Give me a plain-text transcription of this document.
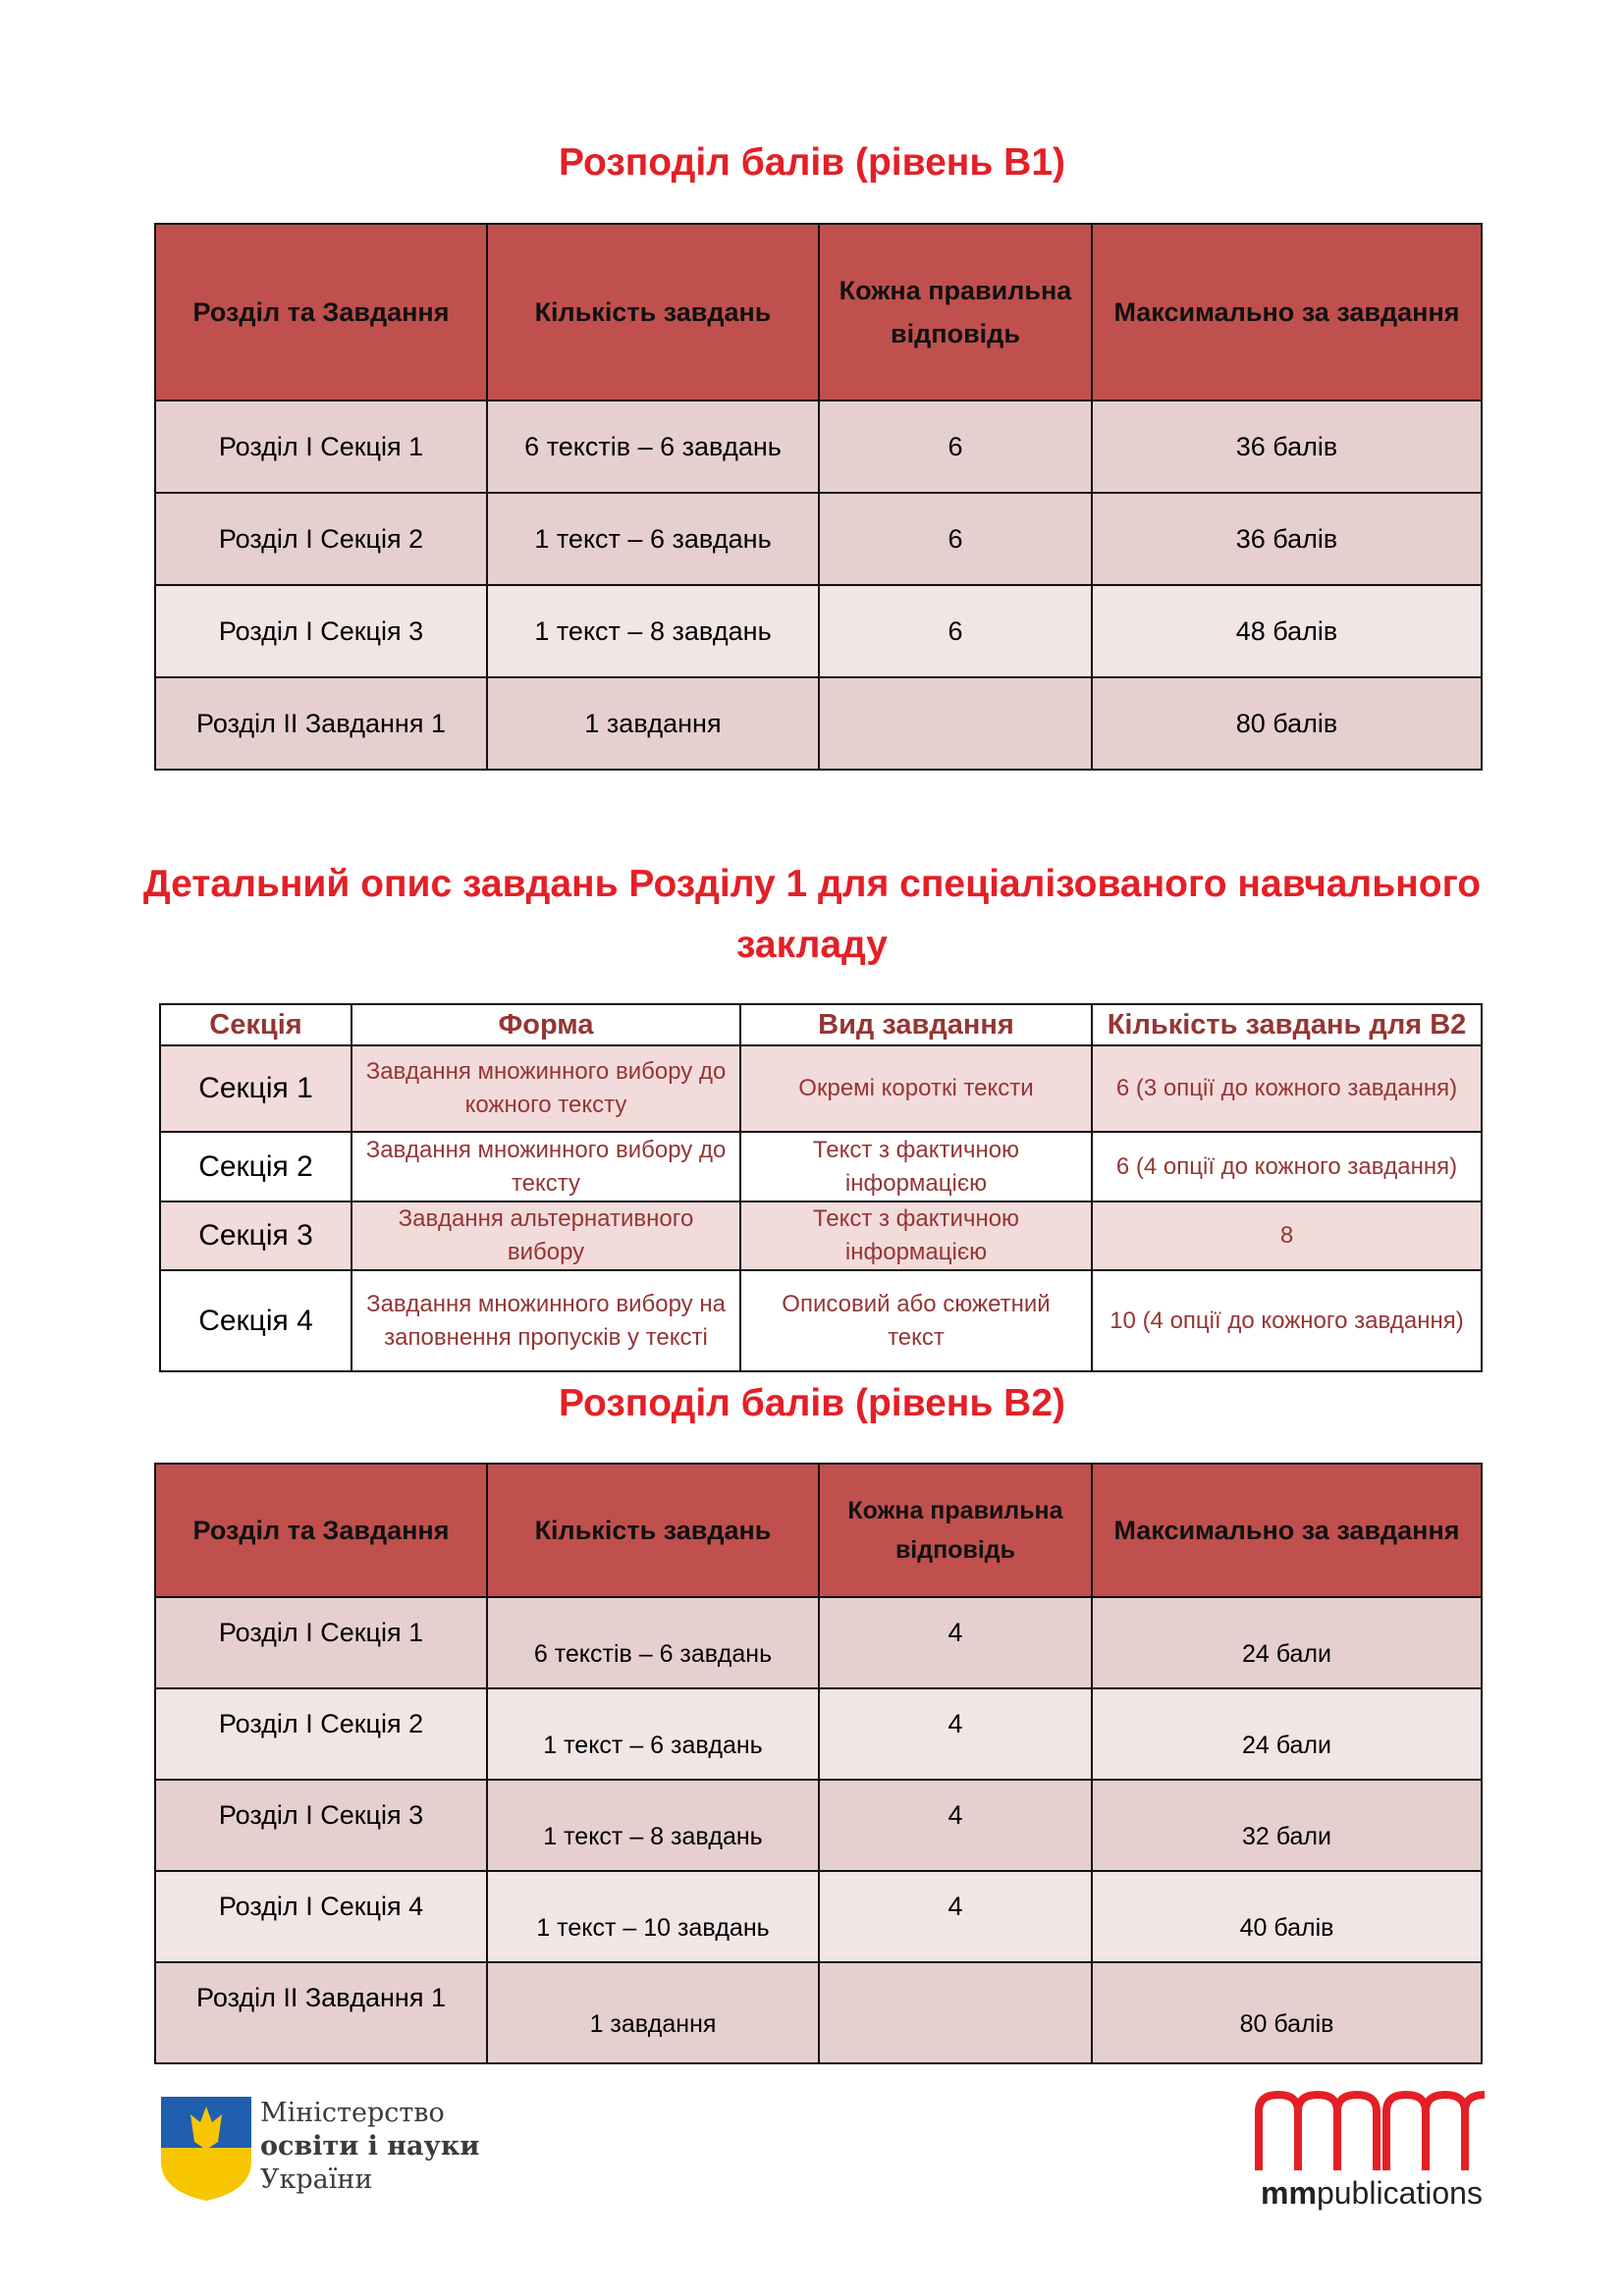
Розподіл балів (рівень В1)
Розділ та Завдання	Кількість завдань	Кожна правильна відповідь	Максимально за завдання
Розділ I Секція 1	6 текстів – 6 завдань	6	36 балів
Розділ I Секція 2	1 текст – 6 завдань	6	36 балів
Розділ I Секція 3	1 текст – 8 завдань	6	48 балів
Розділ II Завдання 1	1 завдання		80 балів
Детальний опис завдань Розділу 1 для спеціалізованого навчального закладу
Секція	Форма	Вид завдання	Кількість завдань для В2
Секція 1	Завдання множинного вибору до кожного тексту	Окремі короткі тексти	6 (3 опції до кожного завдання)
Секція 2	Завдання множинного вибору до тексту	Текст з фактичною інформацією	6 (4 опції до кожного завдання)
Секція 3	Завдання альтернативного вибору	Текст з фактичною інформацією	8
Секція 4	Завдання множинного вибору на заповнення пропусків у тексті	Описовий або сюжетний текст	10 (4 опції до кожного завдання)
Розподіл балів (рівень В2)
Розділ та Завдання	Кількість завдань	Кожна правильна відповідь	Максимально за завдання
Розділ I Секція 1	6 текстів – 6 завдань	4	24 бали
Розділ I Секція 2	1 текст – 6 завдань	4	24 бали
Розділ I Секція 3	1 текст – 8 завдань	4	32 бали
Розділ I Секція 4	1 текст – 10 завдань	4	40 балів
Розділ II Завдання 1	1 завдання		80 балів
Міністерство
освіти і науки
України	mmpublications
